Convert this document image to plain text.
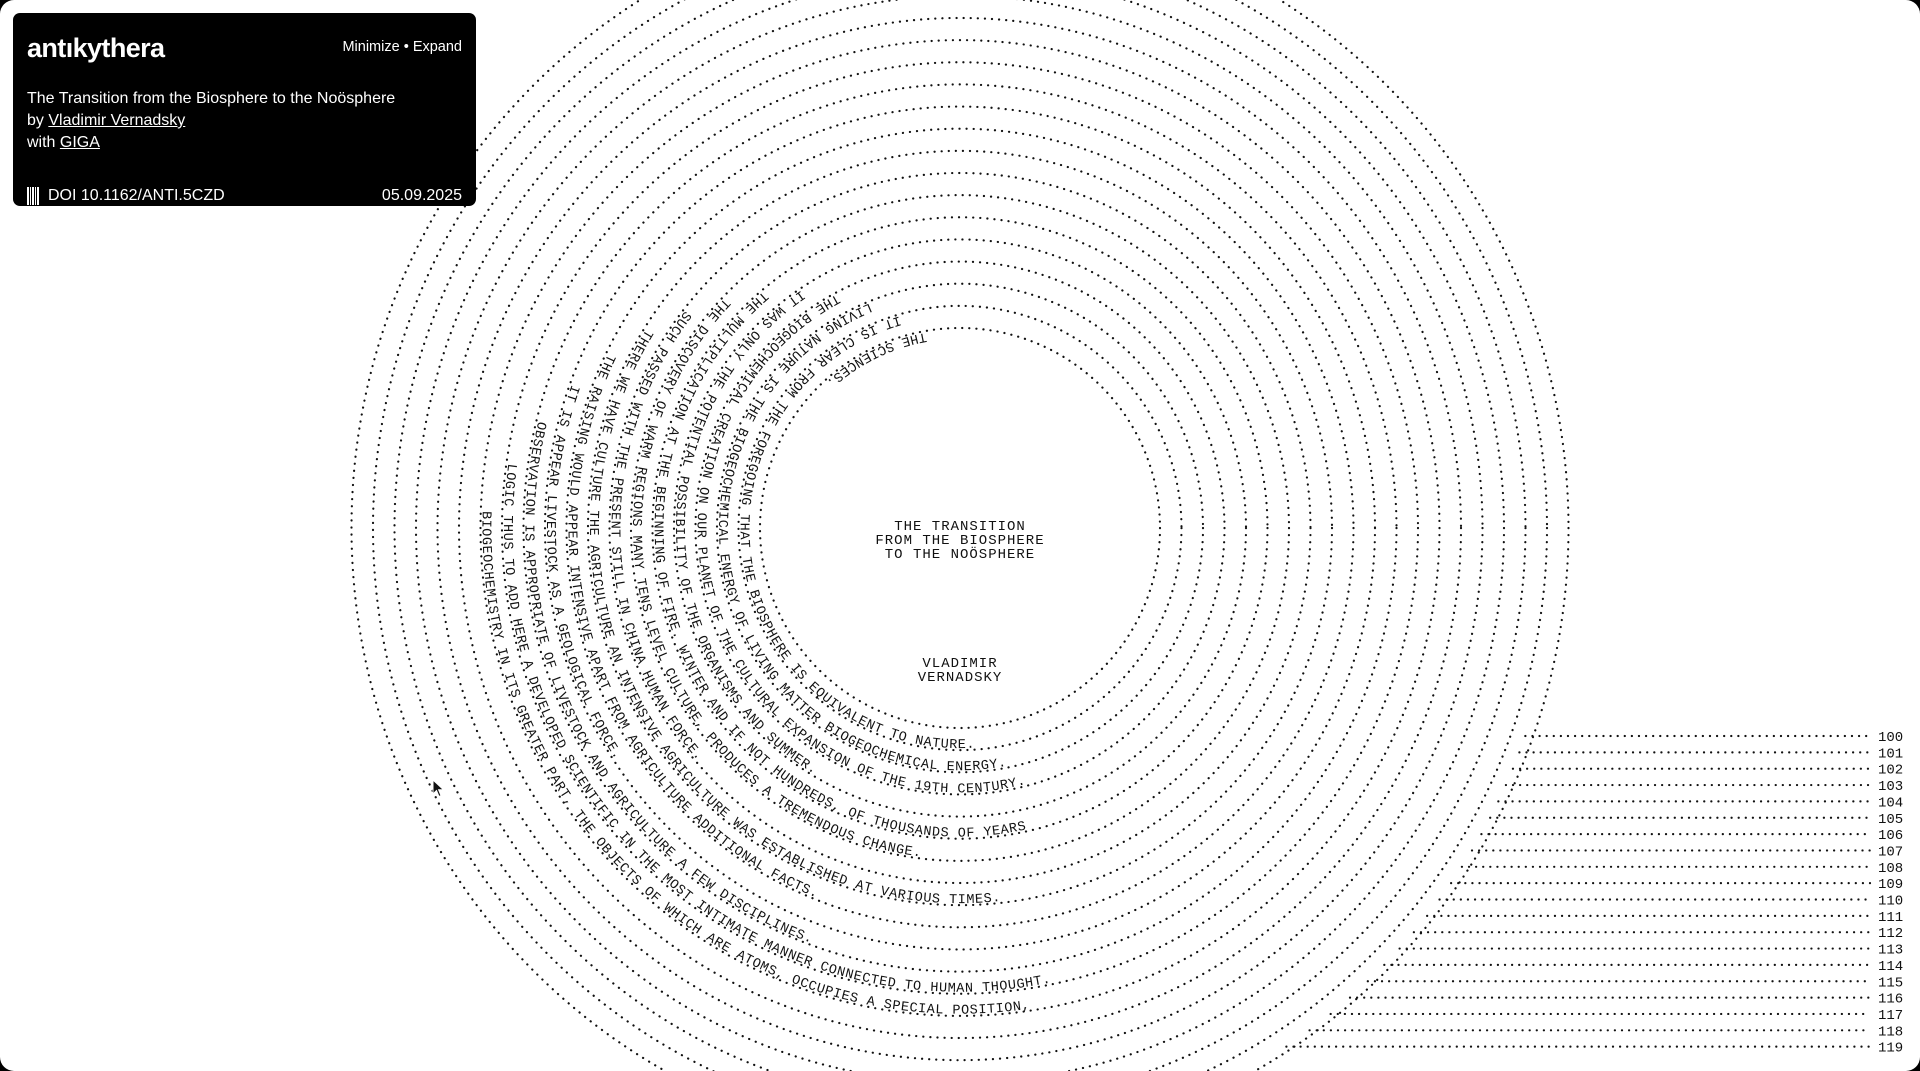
100
101
102
103
104
105
106
107
108
109
110
111
112
113
114
115
116
117
118
119
THE SCIENCES.
IT IS CLEAR FROM THE FOREGOING THAT THE BIOSPHERE IS EQUIVALENT TO NATURE.
LIVING NATURE IS THE BIOGEOCHEMICAL ENERGY OF LIVING MATTER BIOGEOCHEMICAL ENERGY.
THE BIOGEOCHEMICAL CREATION ON OUR PLANET OF THE CULTURAL EXPANSION OF THE 19TH CENTURY.
IT WAS ONLY THE POTENTIAL POSSIBILITY OF THE ORGANISMS AND SUMMER.
THE MULTIPLICATION AT THE BEGINNING OF FIRE. WINTER AND IF NOT HUNDREDS, OF THOUSANDS OF YEARS
THE DISCOVERY OF WARM REGIONS MANY TENS LEVEL CULTURE, PRODUCES A TREMENDOUS CHANGE.
SUCH PASSED WITH THE PRESENT STILL IN CHINA HUMAN FORCE.
THERE WE HAVE CULTURE THE AGRICULTURE AN INTENSIVE AGRICULTURE WAS ESTABLISHED AT VARIOUS TIMES.
THE RAISING WOULD APPEAR INTENSIVE APART FROM AGRICULTURE ADDITIONAL FACTS.
IT IS APPEAR LIVESTOCK AS A GEOLOGICAL FORCE.
OBSERVATION IS APPROPRIATE OF LIVESTOCK AND AGRICULTURE A FEW DISCIPLINES.
LOGIC THUS TO ADD HERE A DEVELOPED SCIENTIFIC IN THE MOST INTIMATE MANNER CONNECTED TO HUMAN THOUGHT.
BIOGEOCHEMISTRY IN ITS GREATER PART, THE OBJECTS OF WHICH ARE ATOMS, OCCUPIES A SPECIAL POSITION,
THE TRANSITION
FROM THE BIOSPHERE
TO THE NOÖSPHERE
VLADIMIR
VERNADSKY
antıkythera	Minimize • Expand
The Transition from the Biosphere to the Noösphere
by Vladimir Vernadsky
with GIGA
DOI 10.1162/ANTI.5CZD	05.09.2025
